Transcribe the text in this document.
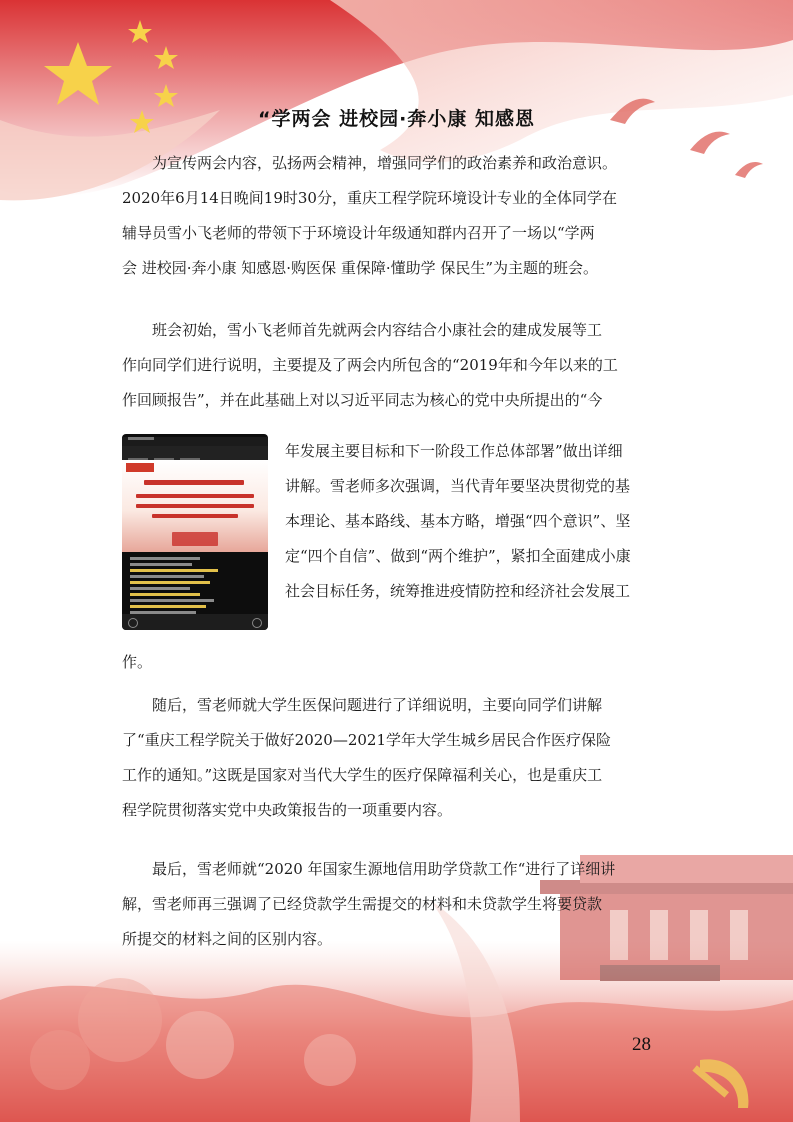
“学两会 进校园·奔小康 知感恩

为宣传两会内容，弘扬两会精神，增强同学们的政治素养和政治意识。
2020年6月14日晚间19时30分，重庆工程学院环境设计专业的全体同学在
辅导员雪小飞老师的带领下于环境设计年级通知群内召开了一场以“学两
会 进校园·奔小康 知感恩·购医保 重保障·懂助学 保民生”为主题的班会。

班会初始，雪小飞老师首先就两会内容结合小康社会的建成发展等工
作向同学们进行说明，主要提及了两会内所包含的“2019年和今年以来的工
作回顾报告”，并在此基础上对以习近平同志为核心的党中央所提出的“今

年发展主要目标和下一阶段工作总体部署”做出详细
讲解。雪老师多次强调，当代青年要坚决贯彻党的基
本理论、基本路线、基本方略，增强“四个意识”、坚
定“四个自信”、做到“两个维护”，紧扣全面建成小康
社会目标任务，统筹推进疫情防控和经济社会发展工

作。

随后，雪老师就大学生医保问题进行了详细说明，主要向同学们讲解
了“重庆工程学院关于做好2020—2021学年大学生城乡居民合作医疗保险
工作的通知。”这既是国家对当代大学生的医疗保障福利关心，也是重庆工
程学院贯彻落实党中央政策报告的一项重要内容。

最后，雪老师就“2020 年国家生源地信用助学贷款工作“进行了详细讲
解，雪老师再三强调了已经贷款学生需提交的材料和未贷款学生将要贷款
所提交的材料之间的区别内容。

28
